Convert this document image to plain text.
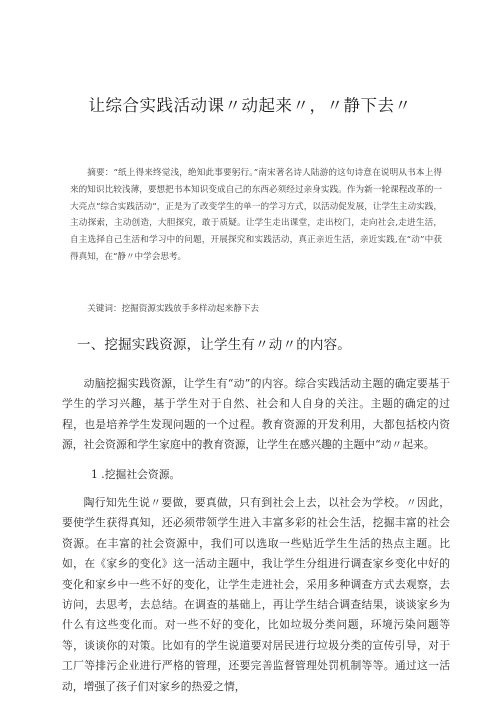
让综合实践活动课〃动起来〃，〃静下去〃
摘要：“纸上得来终觉浅，绝知此事要躬行。”南宋著名诗人陆游的这句诗意在说明从书本上得来的知识比较浅薄，要想把书本知识变成自己的东西必须经过亲身实践。作为新一轮课程改革的一大亮点“综合实践活动”，正是为了改变学生的单一的学习方式，以活动促发展，让学生主动实践，主动探索，主动创造，大胆探究，敢于质疑。让学生走出课堂，走出校门，走向社会,走进生活，自主选择自己生活和学习中的问题，开展探究和实践活动，真正亲近生活，亲近实践,在“动”中获得真知，在“静〃中学会思考。
关键词：挖掘资源实践放手多样动起来静下去
一、挖掘实践资源，让学生有〃动〃的内容。
动脑挖掘实践资源，让学生有“动”的内容。综合实践活动主题的确定要基于学生的学习兴趣，基于学生对于自然、社会和人自身的关注。主题的确定的过程，也是培养学生发现问题的一个过程。教育资源的开发利用，大都包括校内资源，社会资源和学生家庭中的教育资源，让学生在感兴趣的主题中“动〃起来。
1 .挖掘社会资源。
陶行知先生说〃要做，要真做，只有到社会上去，以社会为学校。〃因此，要使学生获得真知，还必须带领学生进入丰富多彩的社会生活，挖掘丰富的社会资源。在丰富的社会资源中，我们可以选取一些贴近学生生活的热点主题。比如，在《家乡的变化》这一活动主题中，我让学生分组进行调查家乡变化中好的变化和家乡中一些不好的变化，让学生走进社会，采用多种调查方式去观察，去访问，去思考，去总结。在调查的基础上，再让学生结合调查结果，谈谈家乡为什么有这些变化而。对一些不好的变化，比如垃圾分类问题，环境污染问题等等，谈谈你的对策。比如有的学生说道要对居民进行垃圾分类的宣传引导，对于工厂等排污企业进行严格的管理，还要完善监督管理处罚机制等等。通过这一活动，增强了孩子们对家乡的热爱之情，
